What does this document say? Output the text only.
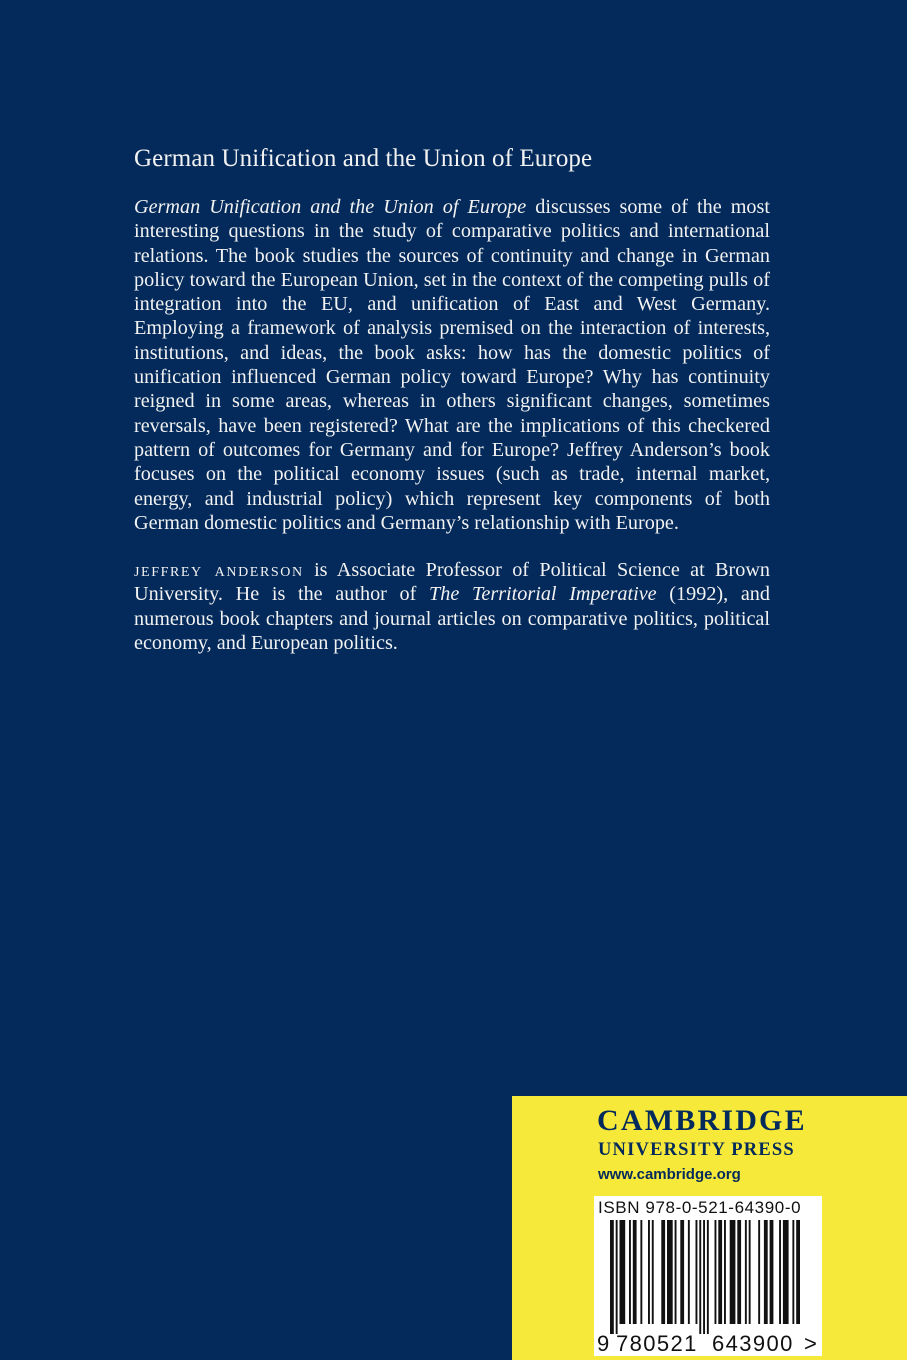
German Unification and the Union of Europe

German Unification and the Union of Europe discusses some of the most interesting questions in the study of comparative politics and international relations. The book studies the sources of continuity and change in German policy toward the European Union, set in the context of the competing pulls of integration into the EU, and unification of East and West Germany. Employing a framework of analysis premised on the interaction of interests, institutions, and ideas, the book asks: how has the domestic politics of unification influenced German policy toward Europe? Why has continuity reigned in some areas, whereas in others significant changes, sometimes reversals, have been registered? What are the implications of this checkered pattern of outcomes for Germany and for Europe? Jeffrey Anderson’s book focuses on the political economy issues (such as trade, internal market, energy, and industrial policy) which represent key components of both German domestic politics and Germany’s relationship with Europe.

jeffrey anderson is Associate Professor of Political Science at Brown University. He is the author of The Territorial Imperative (1992), and numerous book chapters and journal articles on comparative politics, political economy, and European politics.

CAMBRIDGE
UNIVERSITY PRESS
www.cambridge.org
ISBN 978-0-521-64390-0
9 780521 643900 >
